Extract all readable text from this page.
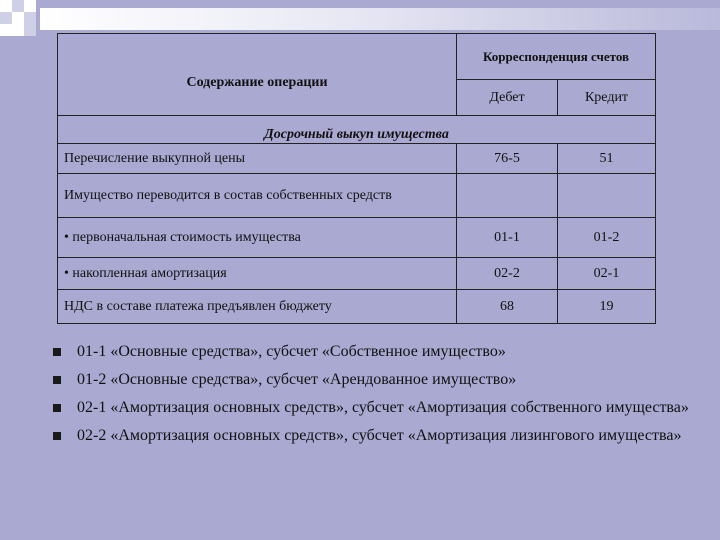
Содержание операции	Корреспонденция счетов	
	Дебет	Кредит
Досрочный выкуп имущества		
Перечисление выкупной цены	76-5	51
Имущество переводится в состав собственных средств		
• первоначальная стоимость имущества	01-1	01-2
• накопленная амортизация	02-2	02-1
НДС в составе платежа предъявлен бюджету	68	19
01-1 «Основные средства», субсчет «Собственное имущество»
01-2 «Основные средства», субсчет «Арендованное имущество»
02-1 «Амортизация основных средств», субсчет «Амортизация собственного имущества»
02-2 «Амортизация основных средств», субсчет «Амортизация лизингового имущества»
